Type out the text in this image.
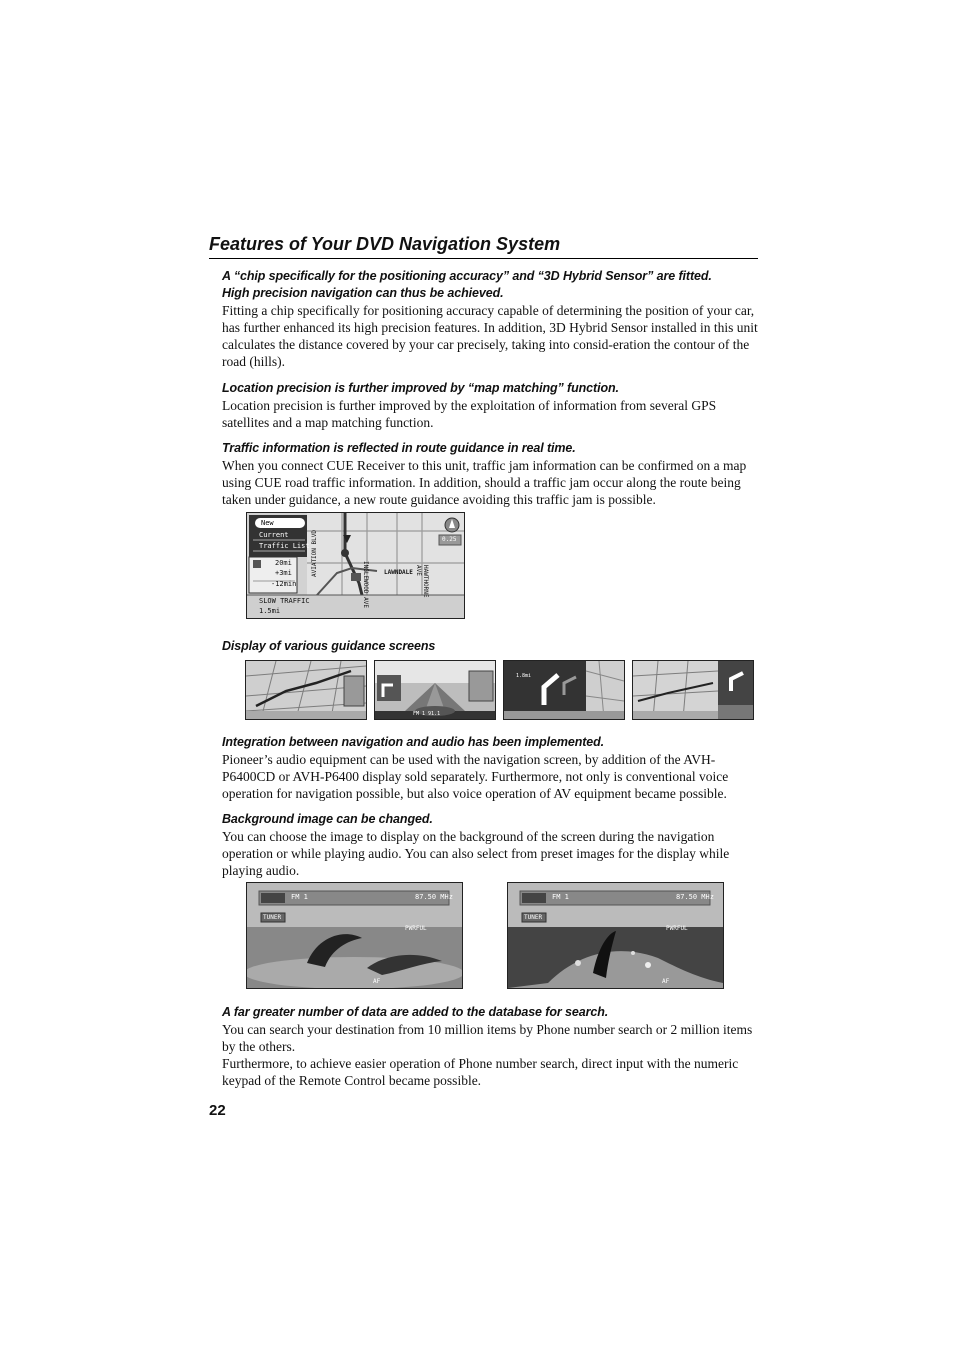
Features of Your DVD Navigation System
A “chip specifically for the positioning accuracy” and “3D Hybrid Sensor” are fitted.
High precision navigation can thus be achieved.

Fitting a chip specifically for positioning accuracy capable of determining the position of your car, has further enhanced its high precision features. In addition, 3D Hybrid Sensor installed in this unit calculates the distance covered by your car precisely, taking into consid-eration the contour of the road (hills).

Location precision is further improved by “map matching” function.

Location precision is further improved by the exploitation of information from several GPS satellites and a map matching function.

Traffic information is reflected in route guidance in real time.

When you connect CUE Receiver to this unit, traffic jam information can be confirmed on a map using CUE road traffic information. In addition, should a traffic jam occur along the route being taken under guidance, a new route guidance avoiding this traffic jam is possible.

New
Current
Traffic List
20mi
+3mi
-12min
SLOW TRAFFIC
1.5mi
AVIATION BLVD
INGLEWOOD AVE	LAWNDALE	HAWTHORNE AVE
0.25
Display of various guidance screens
FM 1 91.1
1.8mi
Integration between navigation and audio has been implemented.

Pioneer’s audio equipment can be used with the navigation screen, by addition of the AVH-P6400CD or AVH-P6400 display sold separately. Furthermore, not only is conventional voice operation for navigation possible, but also voice operation of AV equipment became possible.

Background image can be changed.

You can choose the image to display on the background of the screen during the navigation operation or while playing audio. You can also select from preset images for the display while playing audio.

FM 1	87.50 MHz
TUNER
PWRFUL
AF
FM 1	87.50 MHz
TUNER
PWRFUL
AF
A far greater number of data are added to the database for search.

You can search your destination from 10 million items by Phone number search or 2 million items by the others.

Furthermore, to achieve easier operation of Phone number search, direct input with the numeric keypad of the Remote Control became possible.

22
